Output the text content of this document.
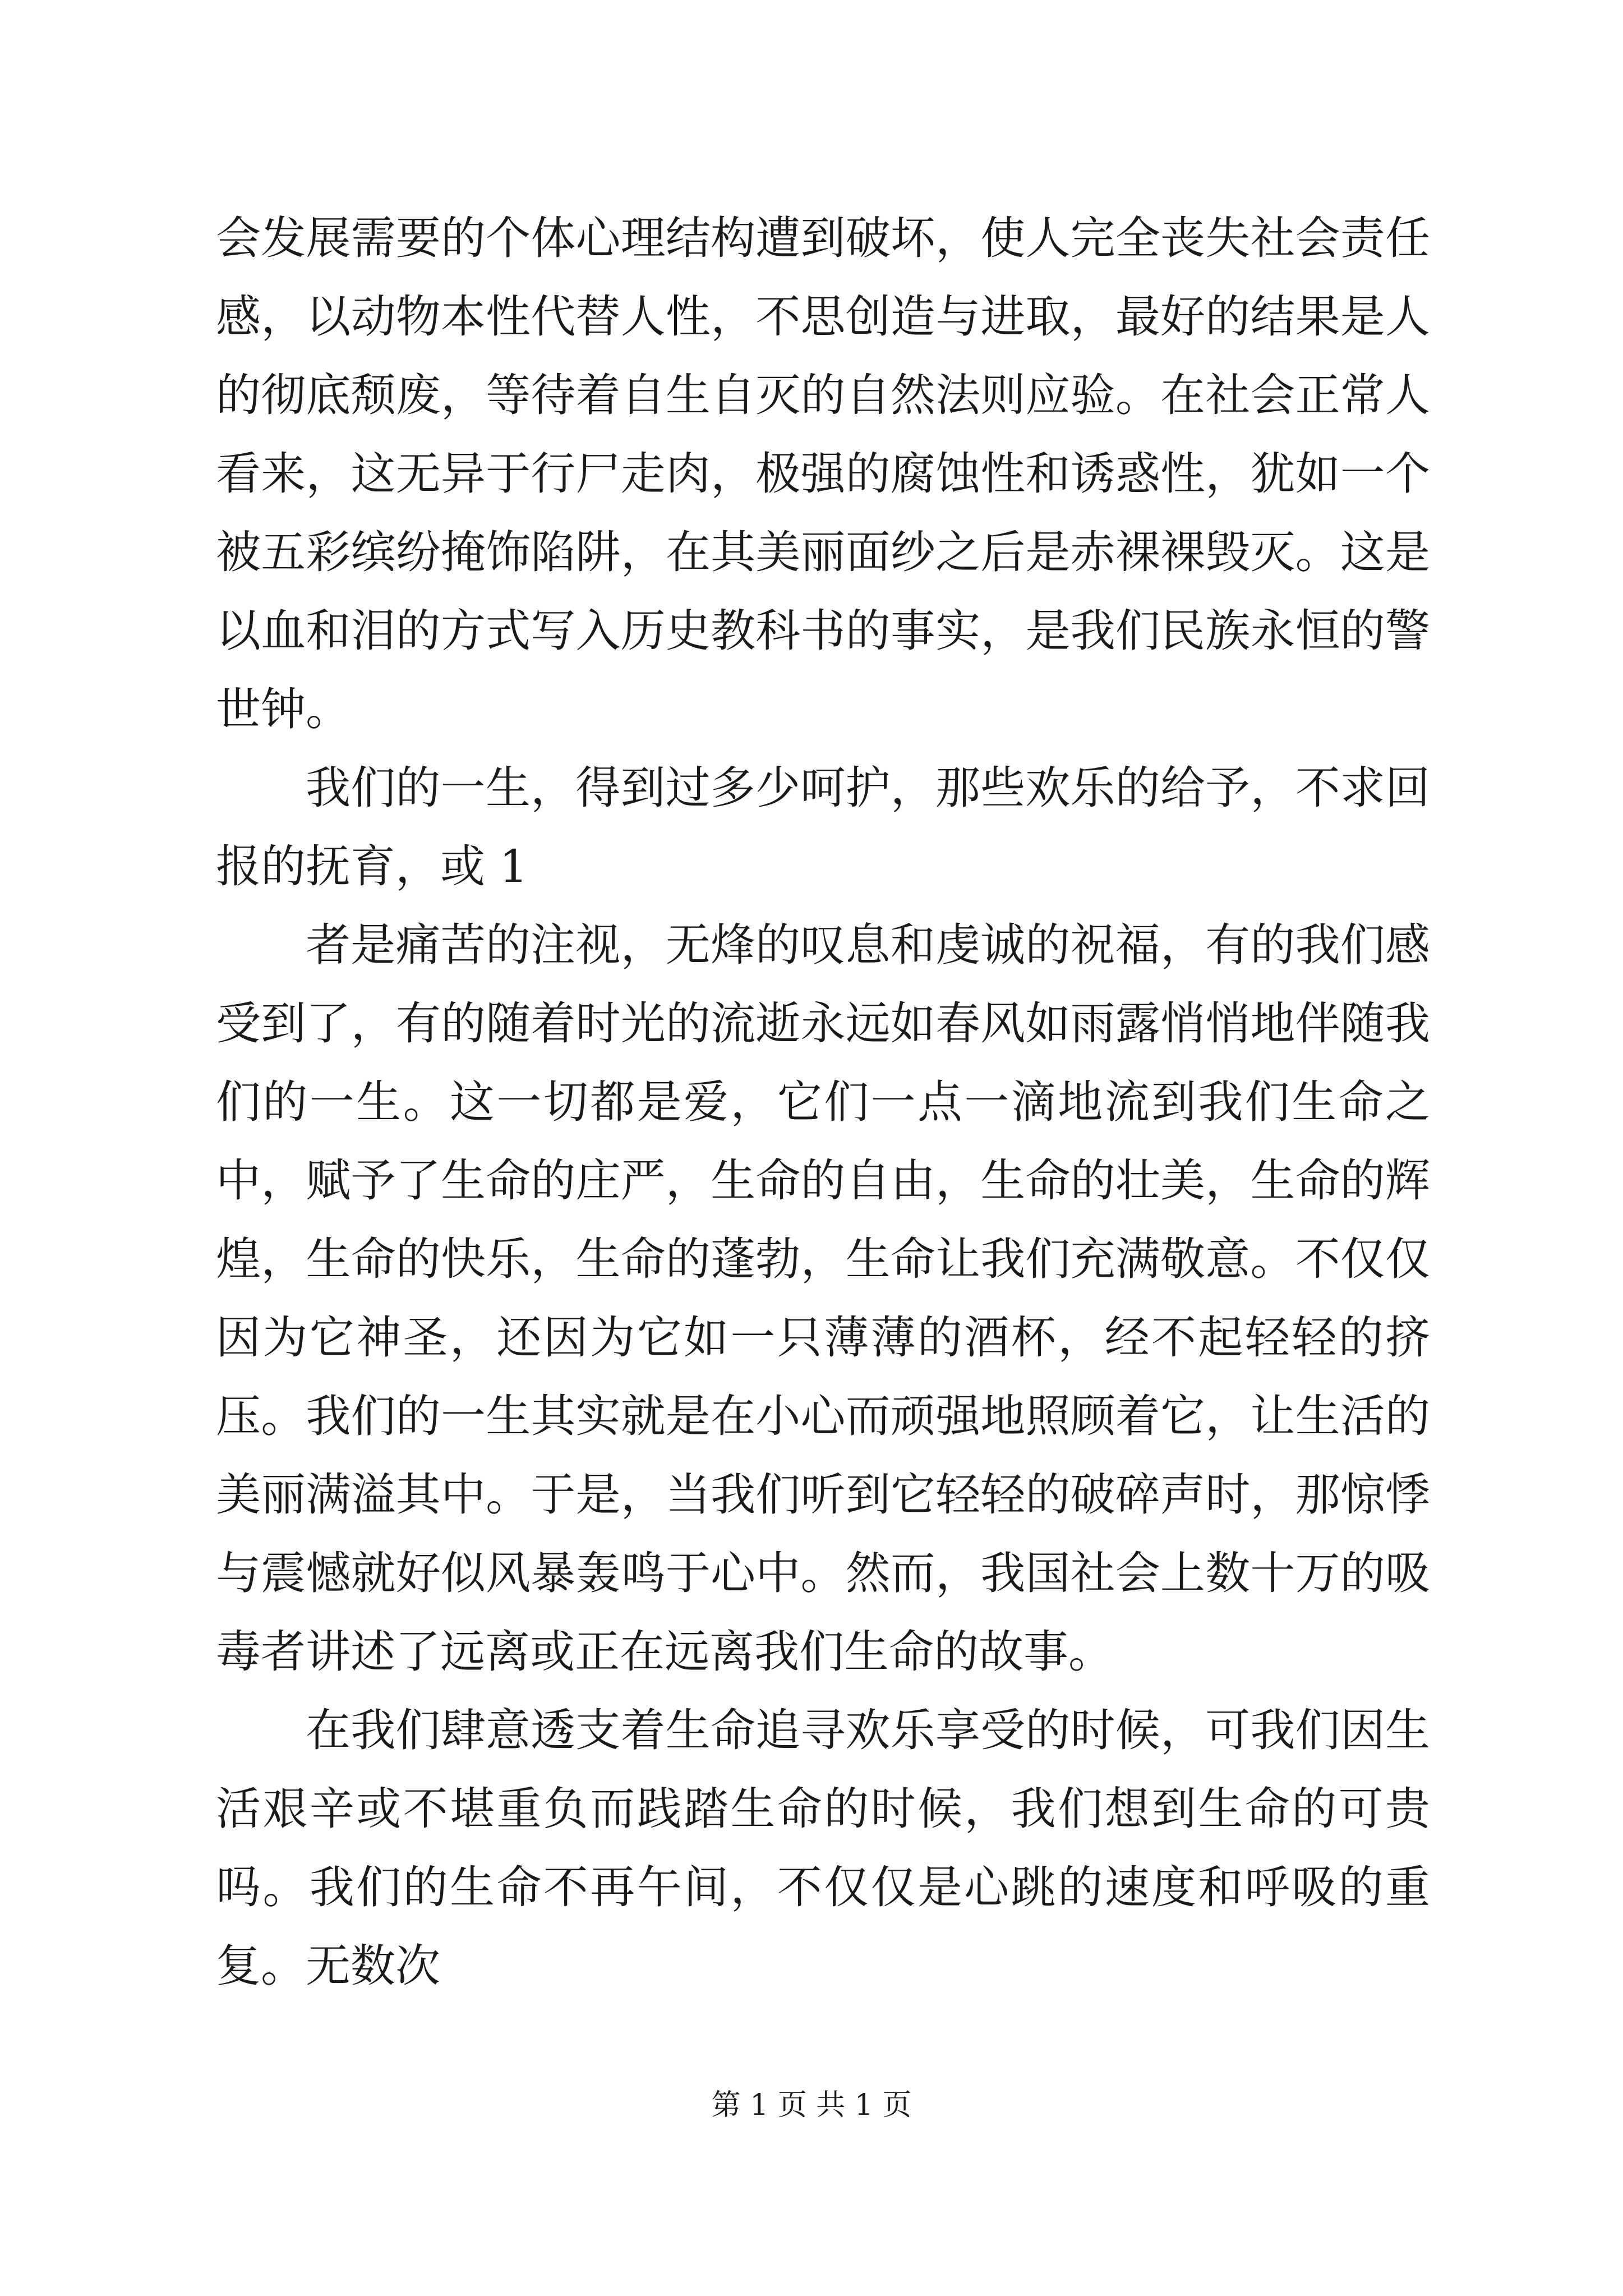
会发展需要的个体心理结构遭到破坏，使人完全丧失社会责任感，以动物本性代替人性，不思创造与进取，最好的结果是人的彻底颓废，等待着自生自灭的自然法则应验。在社会正常人看来，这无异于行尸走肉，极强的腐蚀性和诱惑性，犹如一个被五彩缤纷掩饰陷阱，在其美丽面纱之后是赤裸裸毁灭。这是以血和泪的方式写入历史教科书的事实，是我们民族永恒的警世钟。

我们的一生，得到过多少呵护，那些欢乐的给予，不求回报的抚育，或 1

者是痛苦的注视，无烽的叹息和虔诚的祝福，有的我们感受到了，有的随着时光的流逝永远如春风如雨露悄悄地伴随我们的一生。这一切都是爱，它们一点一滴地流到我们生命之中，赋予了生命的庄严，生命的自由，生命的壮美，生命的辉煌，生命的快乐，生命的蓬勃，生命让我们充满敬意。不仅仅因为它神圣，还因为它如一只薄薄的酒杯，经不起轻轻的挤压。我们的一生其实就是在小心而顽强地照顾着它，让生活的美丽满溢其中。于是，当我们听到它轻轻的破碎声时，那惊悸与震憾就好似风暴轰鸣于心中。然而，我国社会上数十万的吸毒者讲述了远离或正在远离我们生命的故事。

在我们肆意透支着生命追寻欢乐享受的时候，可我们因生活艰辛或不堪重负而践踏生命的时候，我们想到生命的可贵吗。我们的生命不再午间，不仅仅是心跳的速度和呼吸的重复。无数次

第 1 页 共 1 页
